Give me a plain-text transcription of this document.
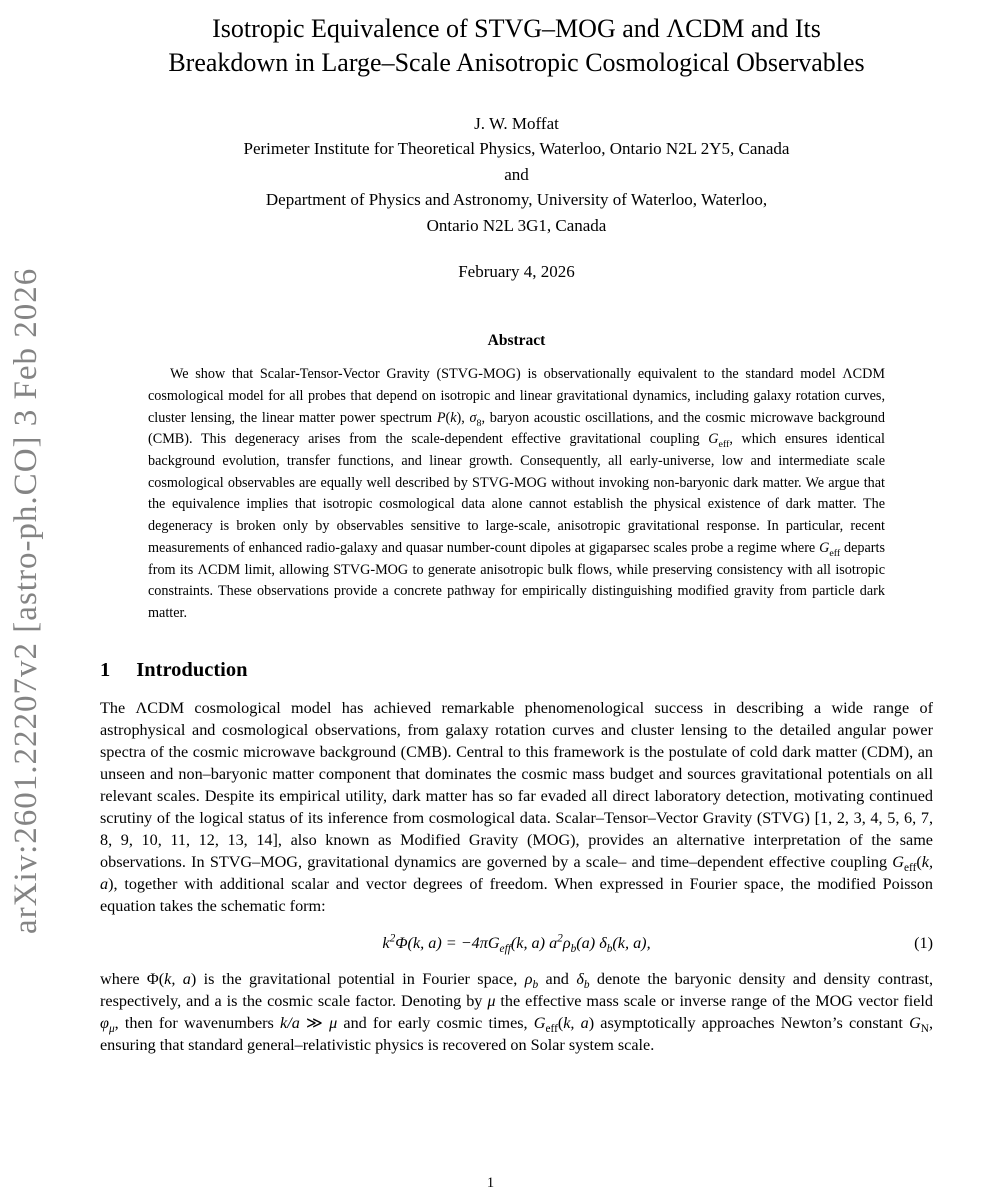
arXiv:2601.22207v2 [astro-ph.CO] 3 Feb 2026
Isotropic Equivalence of STVG–MOG and ΛCDM and Its
Breakdown in Large–Scale Anisotropic Cosmological Observables
J. W. Moffat
Perimeter Institute for Theoretical Physics, Waterloo, Ontario N2L 2Y5, Canada
and
Department of Physics and Astronomy, University of Waterloo, Waterloo,
Ontario N2L 3G1, Canada
February 4, 2026
Abstract

We show that Scalar-Tensor-Vector Gravity (STVG-MOG) is observationally equivalent to the standard model ΛCDM cosmological model for all probes that depend on isotropic and linear gravitational dynamics, including galaxy rotation curves, cluster lensing, the linear matter power spectrum P(k), $\sigma_8$, baryon acoustic oscillations, and the cosmic microwave background (CMB). This degeneracy arises from the scale-dependent effective gravitational coupling $G_{eff}$, which ensures identical background evolution, transfer functions, and linear growth. Consequently, all early-universe, low and intermediate scale cosmological observables are equally well described by STVG-MOG without invoking non-baryonic dark matter. We argue that the equivalence implies that isotropic cosmological data alone cannot establish the physical existence of dark matter. The degeneracy is broken only by observables sensitive to large-scale, anisotropic gravitational response. In particular, recent measurements of enhanced radio-galaxy and quasar number-count dipoles at gigaparsec scales probe a regime where $G_{eff}$ departs from its ΛCDM limit, allowing STVG-MOG to generate anisotropic bulk flows, while preserving consistency with all isotropic constraints. These observations provide a concrete pathway for empirically distinguishing modified gravity from particle dark matter.

1 Introduction

The ΛCDM cosmological model has achieved remarkable phenomenological success in describing a wide range of astrophysical and cosmological observations, from galaxy rotation curves and cluster lensing to the detailed angular power spectra of the cosmic microwave background (CMB). Central to this framework is the postulate of cold dark matter (CDM), an unseen and non–baryonic matter component that dominates the cosmic mass budget and sources gravitational potentials on all relevant scales. Despite its empirical utility, dark matter has so far evaded all direct laboratory detection, motivating continued scrutiny of the logical status of its inference from cosmological data. Scalar–Tensor–Vector Gravity (STVG) [1, 2, 3, 4, 5, 6, 7, 8, 9, 10, 11, 12, 13, 14], also known as Modified Gravity (MOG), provides an alternative interpretation of the same observations. In STVG–MOG, gravitational dynamics are governed by a scale– and time–dependent effective coupling $G_{eff}(k$, a), together with additional scalar and vector degrees of freedom. When expressed in Fourier space, the modified Poisson equation takes the schematic form:

$k^2\Phi(k$, $a) = -4\pi G_{eff}(k$, a) $a^2\rho_b(a)$ $\delta_b(k$, a),	(1)

where Φ(k, a) is the gravitational potential in Fourier space, $\rho_b$ and $\delta_b$ denote the baryonic density and density contrast, respectively, and a is the cosmic scale factor. Denoting by μ the effective mass scale or inverse range of the MOG vector field $\varphi_\mu$, then for wavenumbers k/a ≫ μ and for early cosmic times, $G_{eff}(k$, a) asymptotically approaches Newton’s constant $G_N$, ensuring that standard general–relativistic physics is recovered on Solar system scale.

1
